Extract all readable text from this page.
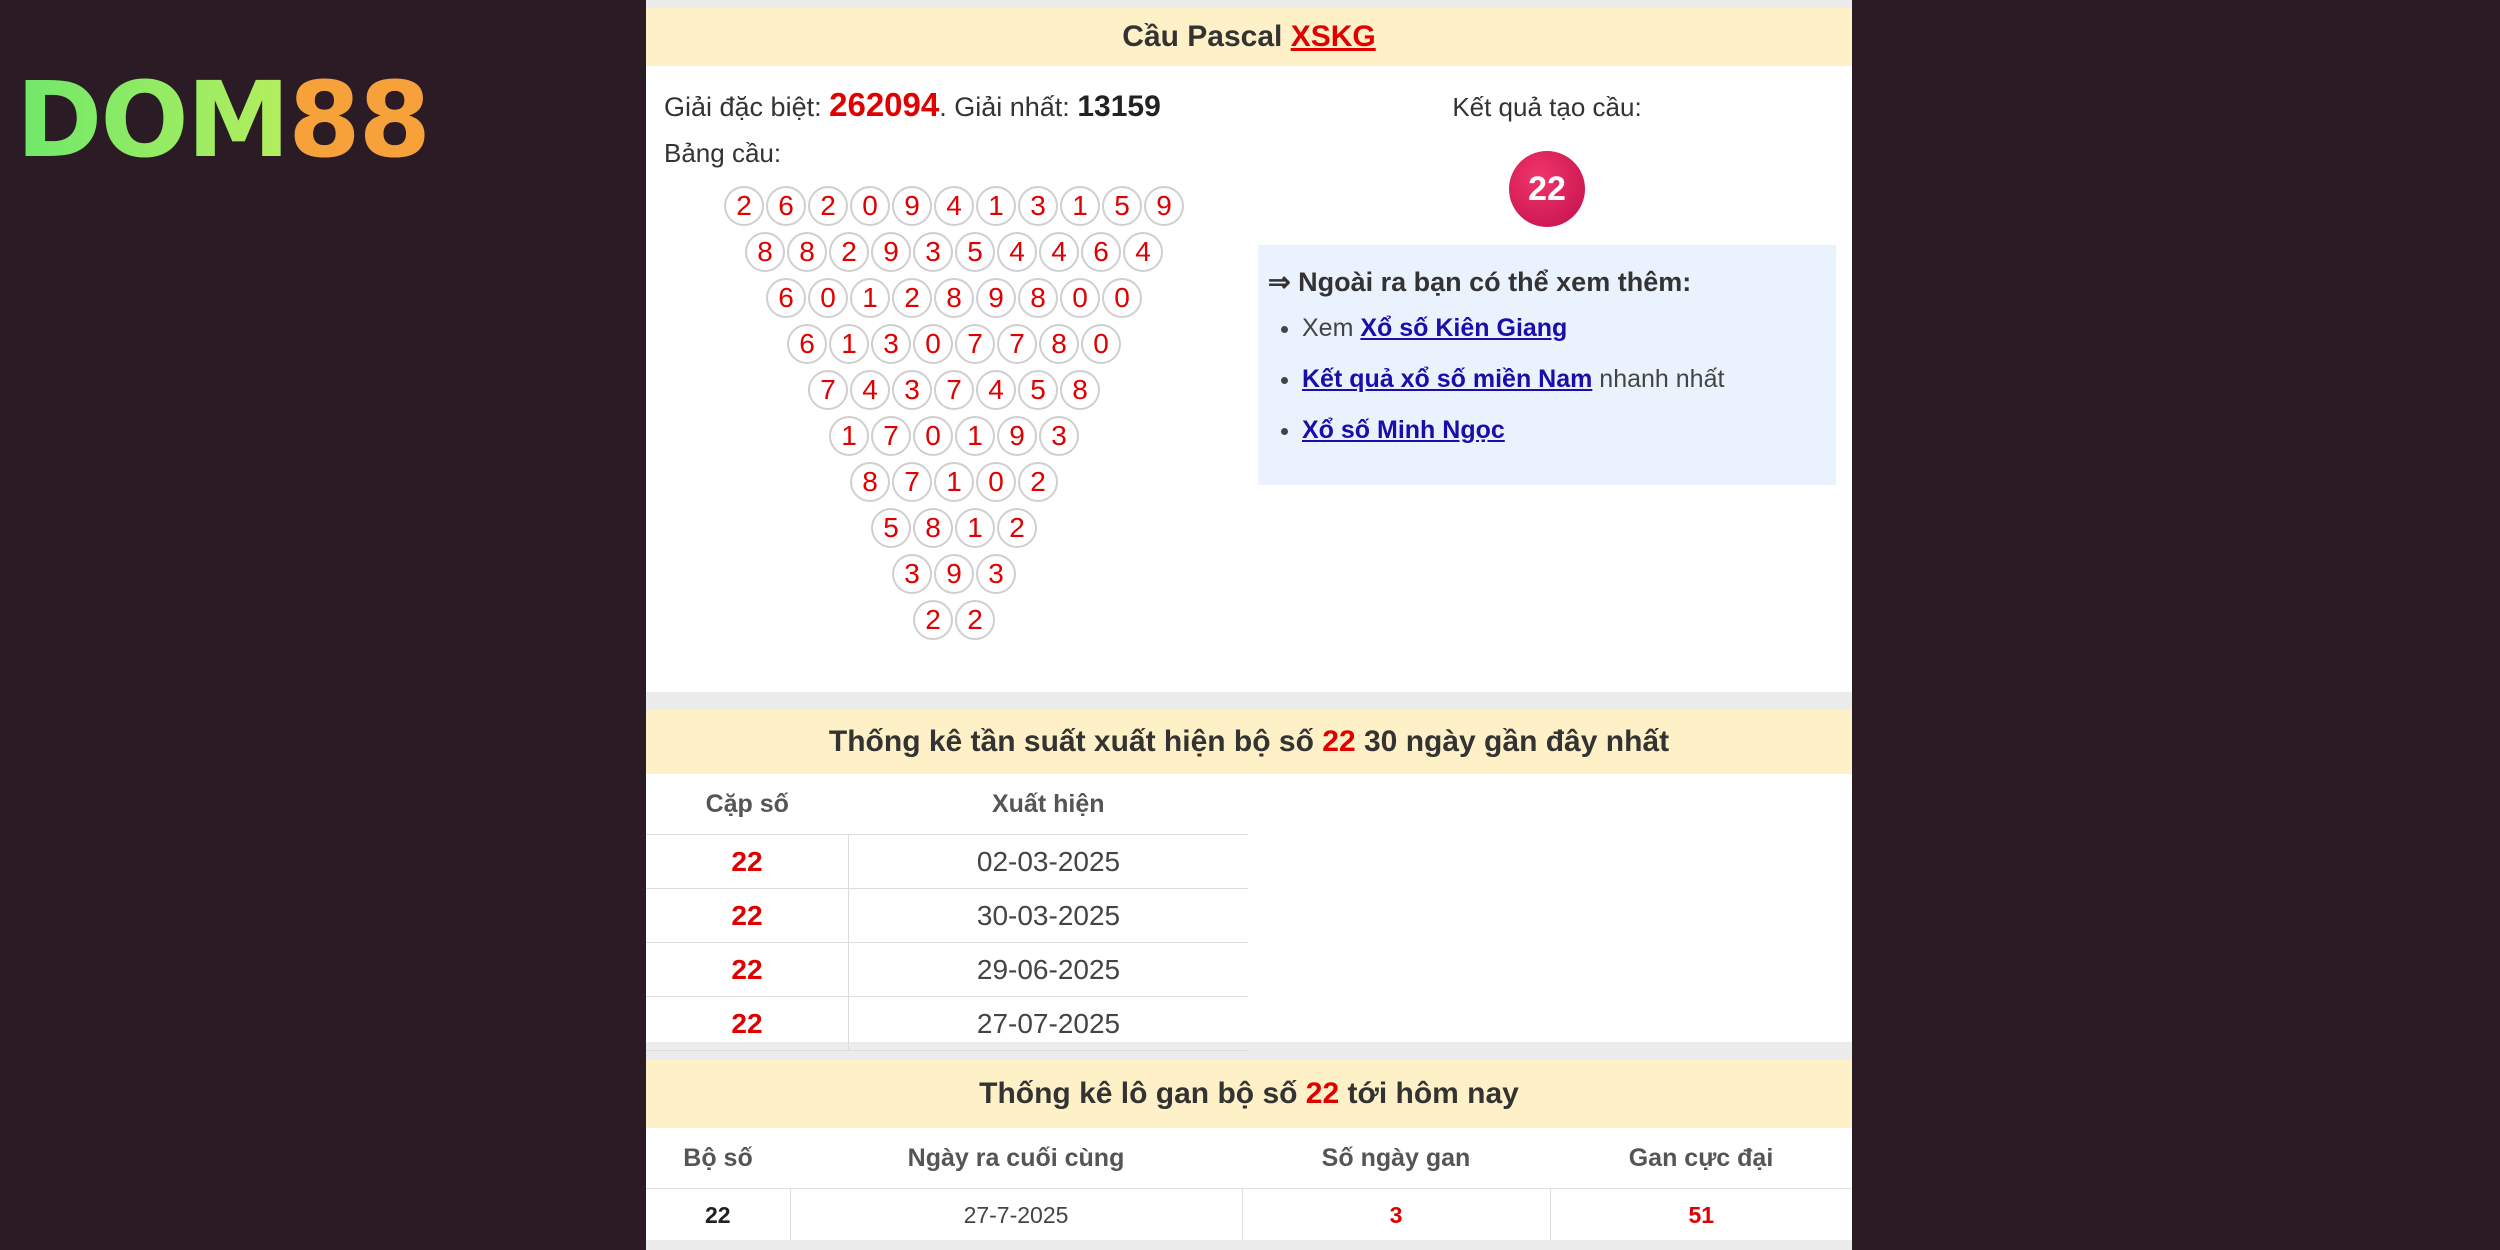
DOM88
Cầu Pascal XSKG
Giải đặc biệt: 262094. Giải nhất: 13159
Bảng cầu:
2 6 2 0 9 4 1 3 1 5 9
8 8 2 9 3 5 4 4 6 4
6 0 1 2 8 9 8 0 0
6 1 3 0 7 7 8 0
7 4 3 7 4 5 8
1 7 0 1 9 3
8 7 1 0 2
5 8 1 2
3 9 3
2 2
Kết quả tạo cầu:
22
⇒ Ngoài ra bạn có thể xem thêm:
• Xem Xổ số Kiên Giang
• Kết quả xổ số miền Nam nhanh nhất
• Xổ số Minh Ngọc
Thống kê tần suất xuất hiện bộ số 22 30 ngày gần đây nhất
Cặp số	Xuất hiện
22	02-03-2025
22	30-03-2025
22	29-06-2025
22	27-07-2025
Thống kê lô gan bộ số 22 tới hôm nay
Bộ số	Ngày ra cuối cùng	Số ngày gan	Gan cực đại
22	27-7-2025	3	51
